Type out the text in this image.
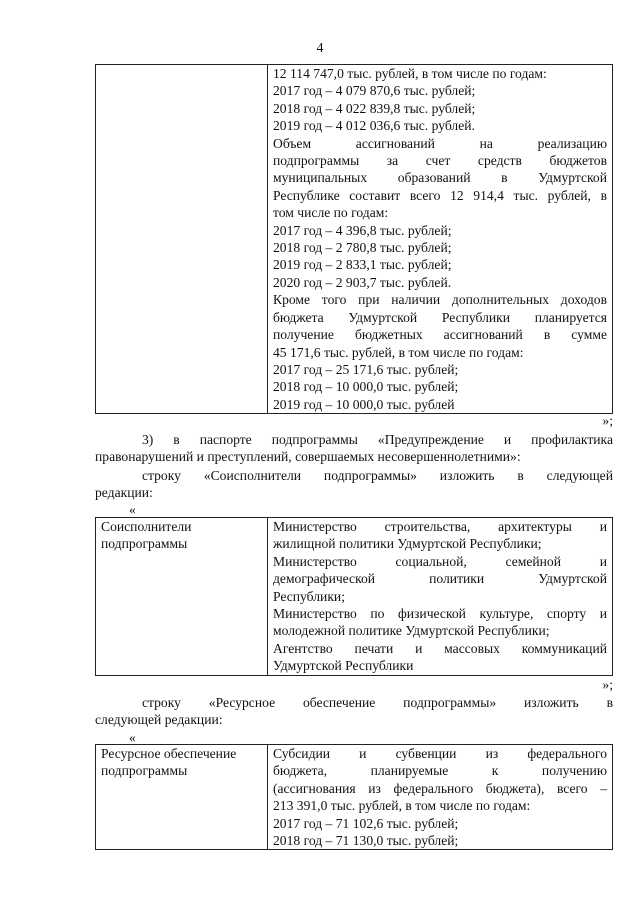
4

12 114 747,0 тыс. рублей, в том числе по годам:
2017 год – 4 079 870,6 тыс. рублей;
2018 год – 4 022 839,8 тыс. рублей;
2019 год – 4 012 036,6 тыс. рублей.
Объем ассигнований на реализацию
подпрограммы за счет средств бюджетов
муниципальных образований в Удмуртской
Республике составит всего 12 914,4 тыс. рублей, в
том числе по годам:
2017 год – 4 396,8 тыс. рублей;
2018 год – 2 780,8 тыс. рублей;
2019 год – 2 833,1 тыс. рублей;
2020 год – 2 903,7 тыс. рублей.
Кроме того при наличии дополнительных доходов
бюджета Удмуртской Республики планируется
получение бюджетных ассигнований в сумме
45 171,6 тыс. рублей, в том числе по годам:
2017 год – 25 171,6 тыс. рублей;
2018 год – 10 000,0 тыс. рублей;
2019 год – 10 000,0 тыс. рублей
»;
3) в паспорте подпрограммы «Предупреждение и профилактика
правонарушений и преступлений, совершаемых несовершеннолетними»:
строку «Соисполнители подпрограммы» изложить в следующей
редакции:
«
Соисполнители
подпрограммы

Министерство строительства, архитектуры и
жилищной политики Удмуртской Республики;
Министерство социальной, семейной и
демографической политики Удмуртской
Республики;
Министерство по физической культуре, спорту и
молодежной политике Удмуртской Республики;
Агентство печати и массовых коммуникаций
Удмуртской Республики
»;
строку «Ресурсное обеспечение подпрограммы» изложить в
следующей редакции:
«
Ресурсное обеспечение
подпрограммы

Субсидии и субвенции из федерального
бюджета, планируемые к получению
(ассигнования из федерального бюджета), всего –
213 391,0 тыс. рублей, в том числе по годам:
2017 год – 71 102,6 тыс. рублей;
2018 год – 71 130,0 тыс. рублей;
